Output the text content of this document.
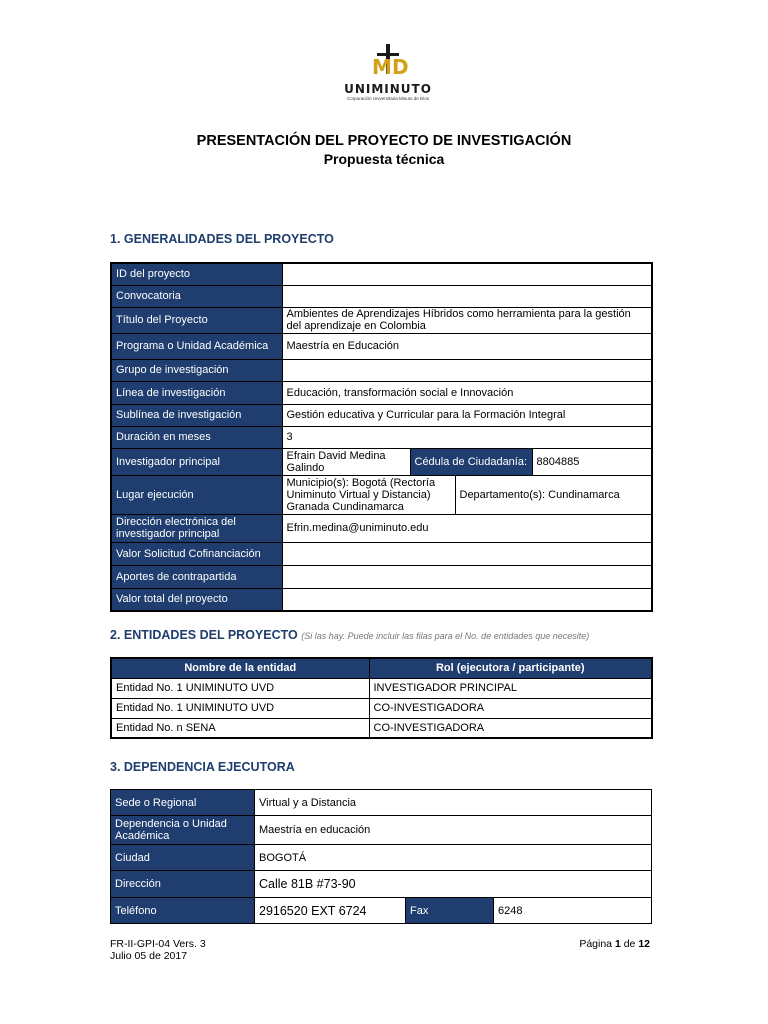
M D
UNIMINUTO
Corporación Universitaria Minuto de Dios
PRESENTACIÓN DEL PROYECTO DE INVESTIGACIÓN
Propuesta técnica
1. GENERALIDADES DEL PROYECTO
ID del proyecto				
Convocatoria				
Título del Proyecto	Ambientes de Aprendizajes Híbridos como herramienta para la gestión del aprendizaje en Colombia			
Programa o Unidad Académica	Maestría en Educación			
Grupo de investigación				
Línea de investigación	Educación, transformación social e Innovación			
Sublínea de investigación	Gestión educativa y Curricular para la Formación Integral			
Duración en meses	3			
Investigador principal	Efrain David Medina Galindo	Cédula de Ciudadanía:		8804885
Lugar ejecución	Municipio(s): Bogotá (Rectoría Uniminuto Virtual y Distancia) Granada Cundinamarca		Departamento(s): Cundinamarca	
Dirección electrónica del investigador principal	Efrin.medina@uniminuto.edu			
Valor Solicitud Cofinanciación				
Aportes de contrapartida				
Valor total del proyecto				
2. ENTIDADES DEL PROYECTO (Si las hay. Puede incluir las filas para el No. de entidades que necesite)
Nombre de la entidad	Rol (ejecutora / participante)
Entidad No. 1 UNIMINUTO UVD	INVESTIGADOR PRINCIPAL
Entidad No. 1 UNIMINUTO UVD	CO-INVESTIGADORA
Entidad No. n SENA	CO-INVESTIGADORA
3. DEPENDENCIA EJECUTORA
Sede o Regional	Virtual y a Distancia		
Dependencia o Unidad Académica	Maestría en educación		
Ciudad	BOGOTÁ		
Dirección	Calle 81B #73-90		
Teléfono	2916520 EXT 6724	Fax	6248
FR-II-GPI-04 Vers. 3
Julio 05 de 2017
Página 1 de 12
